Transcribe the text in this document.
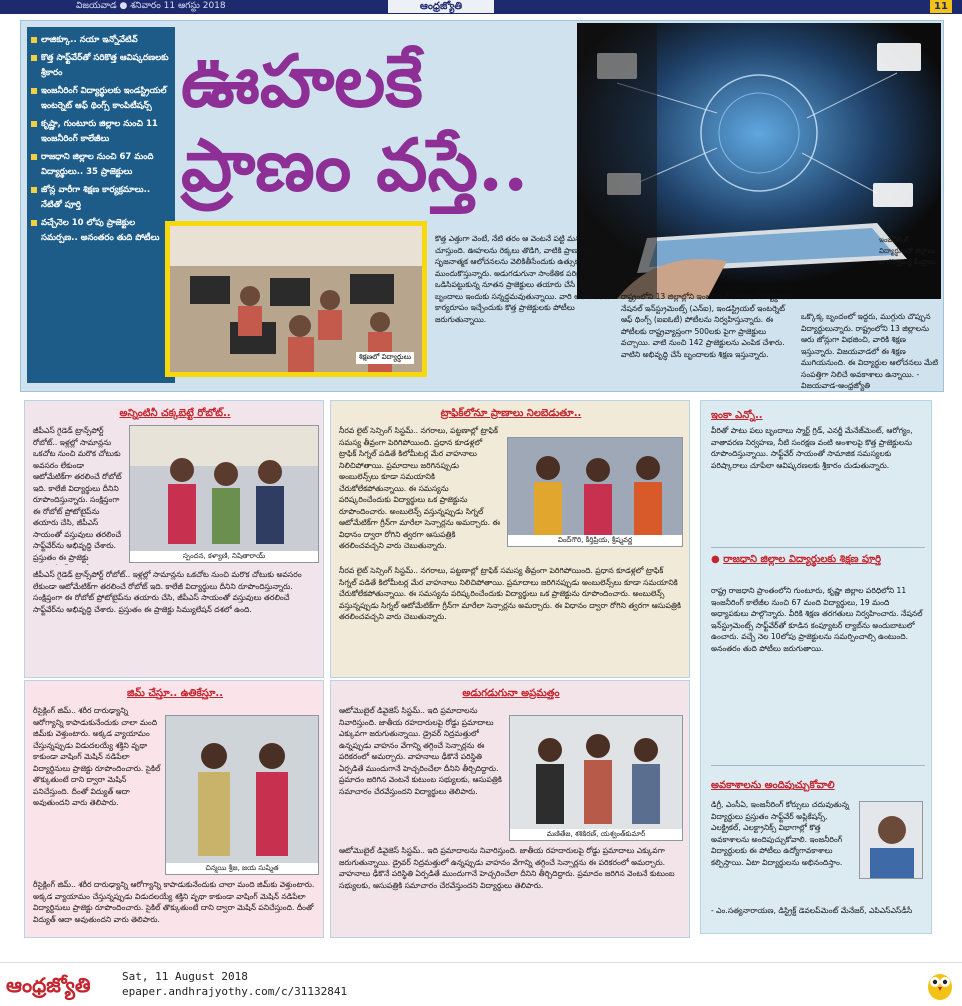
విజయవాడ ● శనివారం 11 ఆగస్టు 2018	ఆంధ్రజ్యోతి	11
లాజిక్కూ.. నయా ఇన్నోవేటివ్
కొత్త సాఫ్ట్‌వేర్‌తో సరికొత్త ఆవిష్కరణలకు శ్రీకారం
ఇంజనీరింగ్ విద్యార్థులకు ఇండస్ట్రియల్ ఇంటర్నెట్ ఆఫ్ థింగ్స్ కాంపిటీషన్స్
కృష్ణా, గుంటూరు జిల్లాల నుంచి 11 ఇంజనీరింగ్ కాలేజీలు
రాజధాని జిల్లాల నుంచి 67 మంది విద్యార్థులు.. 35 ప్రాజెక్టులు
జోన్ల వారీగా శిక్షణ కార్యక్రమాలు.. నేటితో పూర్తి
వచ్చేనెల 10 లోపు ప్రాజెక్టుల సమర్పణ.. అనంతరం తుది పోటీలు
ఊహలకే
ప్రాణం వస్తే..
ఇంజనీరింగ్ విద్యార్థులతో జిల్లాలు భాగస్వామ్య కేంద్రాలు
శిక్షణలో విద్యార్థులు
కొత్త ఎత్తుగా వెంటే, నేటి తరం ఆ వెంటనే పట్టి మనసుని తెస్తూ చూస్తుంది. ఊహలను రెక్కలు తొడిగి, వాటికి ప్రాణం పోసే సృజనాత్మక ఆలోచనలను వెలికితీసేందుకు ఉత్సుకతతో ముందుకొస్తున్నారు. అడుగడుగునా సాంకేతిక పరిజ్ఞానాన్ని ఒడిసిపట్టుకున్న నూతన ప్రాజెక్టులు తయారు చేసే విద్యార్థుల బృందాలు ఇందుకు సన్నద్ధమవుతున్నాయి. వారి ఆలోచనలకు కార్యరూపం ఇచ్చేందుకు కొత్త ప్రాజెక్టులకు పోటీలు జరుగుతున్నాయి.
రాష్ట్రంలోని 13 జిల్లాల్లోని ఇంజనీరింగ్ కాలేజీల విద్యార్థులకు నేషనల్ ఇన్‌స్ట్రుమెంట్స్ (ఎన్‌ఐ), ఇండస్ట్రియల్ ఇంటర్నెట్ ఆఫ్ థింగ్స్ (ఐఐఓటీ) పోటీలను నిర్వహిస్తున్నారు. ఈ పోటీలకు రాష్ట్రవ్యాప్తంగా 500లకు పైగా ప్రాజెక్టులు వచ్చాయి. వాటి నుంచి 142 ప్రాజెక్టులను ఎంపిక చేశారు. వాటిని అభివృద్ధి చేసే బృందాలకు శిక్షణ ఇస్తున్నారు.
ఒక్కొక్క బృందంలో ఇద్దరు, ముగ్గురు చొప్పున విద్యార్థులున్నారు. రాష్ట్రంలోని 13 జిల్లాలను ఆరు జోన్లుగా విభజించి, వారికి శిక్షణ ఇస్తున్నారు. విజయవాడలో ఈ శిక్షణ ముగియనుంది. ఈ విద్యార్థుల ఆలోచనలు మేటి సంపత్తిగా నిలిచే అవకాశాలు ఉన్నాయి. - విజయవాడ-ఆంధ్రజ్యోతి
అన్నింటినీ చక్కబెట్టే రోబోట్..
స్పందన, కళ్యాణి, నిషితారాయ్
జీపీఎస్ గైడెడ్ ట్రాన్స్‌పోర్ట్ రోబోట్.. ఇళ్లల్లో సామాన్లను ఒకచోట నుంచి మరొక చోటుకు అవసరం లేకుండా ఆటోమేటిక్‌గా తరలించే రోబోట్ ఇది. కాలేజీ విద్యార్థులు దీనిని రూపొందిస్తున్నారు. సంక్షిప్తంగా ఈ రోబోట్ ప్రోటోటైప్‌ను తయారు చేసి, జీపీఎస్ సాయంతో వస్తువులు తరలించే సాఫ్ట్‌వేర్‌ను అభివృద్ధి చేశారు. ప్రస్తుతం ఈ ప్రాజెక్టు
జీపీఎస్ గైడెడ్ ట్రాన్స్‌పోర్ట్ రోబోట్.. ఇళ్లల్లో సామాన్లను ఒకచోట నుంచి మరొక చోటుకు అవసరం లేకుండా ఆటోమేటిక్‌గా తరలించే రోబోట్ ఇది. కాలేజీ విద్యార్థులు దీనిని రూపొందిస్తున్నారు. సంక్షిప్తంగా ఈ రోబోట్ ప్రోటోటైప్‌ను తయారు చేసి, జీపీఎస్ సాయంతో వస్తువులు తరలించే సాఫ్ట్‌వేర్‌ను అభివృద్ధి చేశారు. ప్రస్తుతం ఈ ప్రాజెక్టు సిమ్యులేషన్ దశలో ఉంది.
ట్రాఫిక్‌లోనూ ప్రాణాలు నిలబెడుతూ..
వింద్‌గౌరి, కీర్తిప్రియ, శ్రీష్మవర్ణ
నీరవ లైట్ సెన్సింగ్ సిస్టమ్.. నగరాలు, పట్టణాల్లో ట్రాఫిక్ సమస్య తీవ్రంగా పెరిగిపోయింది. ప్రధాన కూడళ్లలో ట్రాఫిక్ సిగ్నల్ పడితే కిలోమీటర్ల మేర వాహనాలు నిలిచిపోతాయి. ప్రమాదాలు జరిగినప్పుడు అంబులెన్స్‌లు కూడా సమయానికి చేరుకోలేకపోతున్నాయి. ఈ సమస్యను పరిష్కరించేందుకు విద్యార్థులు ఒక ప్రాజెక్టును రూపొందించారు. అంబులెన్స్ వస్తున్నప్పుడు సిగ్నల్ ఆటోమేటిక్‌గా గ్రీన్‌గా మారేలా సెన్సార్లను అమర్చారు. ఈ విధానం ద్వారా రోగిని త్వరగా ఆసుపత్రికి తరలించవచ్చని వారు చెబుతున్నారు.
నీరవ లైట్ సెన్సింగ్ సిస్టమ్.. నగరాలు, పట్టణాల్లో ట్రాఫిక్ సమస్య తీవ్రంగా పెరిగిపోయింది. ప్రధాన కూడళ్లలో ట్రాఫిక్ సిగ్నల్ పడితే కిలోమీటర్ల మేర వాహనాలు నిలిచిపోతాయి. ప్రమాదాలు జరిగినప్పుడు అంబులెన్స్‌లు కూడా సమయానికి చేరుకోలేకపోతున్నాయి. ఈ సమస్యను పరిష్కరించేందుకు విద్యార్థులు ఒక ప్రాజెక్టును రూపొందించారు. అంబులెన్స్ వస్తున్నప్పుడు సిగ్నల్ ఆటోమేటిక్‌గా గ్రీన్‌గా మారేలా సెన్సార్లను అమర్చారు. ఈ విధానం ద్వారా రోగిని త్వరగా ఆసుపత్రికి తరలించవచ్చని వారు చెబుతున్నారు.
ఇంకా ఎన్నో..
వీరితో పాటు పలు బృందాలు స్మార్ట్ గ్రిడ్, ఎనర్జీ మేనేజ్‌మెంట్, ఆరోగ్యం, వాతావరణ నిర్వహణ, నీటి సంరక్షణ వంటి అంశాలపై కొత్త ప్రాజెక్టులను రూపొందిస్తున్నాయి. సాఫ్ట్‌వేర్ సాయంతో సామాజిక సమస్యలకు పరిష్కారాలు చూపేలా ఆవిష్కరణలకు శ్రీకారం చుడుతున్నారు.
● రాజధాని జిల్లాల విద్యార్థులకు శిక్షణ పూర్తి
రాష్ట్ర రాజధాని ప్రాంతంలోని గుంటూరు, కృష్ణా జిల్లాల పరిధిలోని 11 ఇంజనీరింగ్ కాలేజీల నుంచి 67 మంది విద్యార్థులు, 19 మంది అధ్యాపకులు పాల్గొన్నారు. వీరికి శిక్షణ తరగతులు నిర్వహించారు. నేషనల్ ఇన్‌స్ట్రుమెంట్స్ సాఫ్ట్‌వేర్‌తో కూడిన కంప్యూటర్ ల్యాబ్‌ను అందుబాటులో ఉంచారు. వచ్చే నెల 10లోపు ప్రాజెక్టులను సమర్పించాల్సి ఉంటుంది. అనంతరం తుది పోటీలు జరుగుతాయి.
అవకాశాలను అందిపుచ్చుకోవాలి
డిగ్రీ, ఎంసీఏ, ఇంజనీరింగ్ కోర్సులు చదువుతున్న విద్యార్థులు ప్రస్తుతం సాఫ్ట్‌వేర్ అప్లికేషన్స్, ఎలక్ట్రికల్, ఎలక్ట్రానిక్స్ విభాగాల్లో కొత్త అవకాశాలను అందిపుచ్చుకోవాలి. ఇంజనీరింగ్ విద్యార్థులకు ఈ పోటీలు ఉద్యోగావకాశాలు కల్పిస్తాయి. ఏటా విద్యార్థులను అభినందిస్తాం.
- ఎం.సత్యనారాయణ, డిస్ట్రిక్ట్ డెవలప్‌మెంట్ మేనేజర్, ఎపిఎస్‌ఎస్‌డీసీ
జిమ్ చేస్తూ.. ఉతికేస్తూ..
చిన్మయి శ్రీజ, జయ సుష్మిత
రీసైక్లింగ్ జిమ్.. శరీర దారుఢ్యాన్ని ఆరోగ్యాన్ని కాపాడుకునేందుకు చాలా మంది జిమ్‌కు వెళ్తుంటారు. అక్కడ వ్యాయామం చేస్తున్నప్పుడు విడుదలయ్యే శక్తిని వృథా కాకుండా వాషింగ్ మెషిన్ నడిపేలా విద్యార్థినులు ప్రాజెక్టు రూపొందించారు. సైకిల్ తొక్కుతుంటే దాని ద్వారా మెషిన్ పనిచేస్తుంది. దీంతో విద్యుత్ ఆదా అవుతుందని వారు తెలిపారు.
రీసైక్లింగ్ జిమ్.. శరీర దారుఢ్యాన్ని ఆరోగ్యాన్ని కాపాడుకునేందుకు చాలా మంది జిమ్‌కు వెళ్తుంటారు. అక్కడ వ్యాయామం చేస్తున్నప్పుడు విడుదలయ్యే శక్తిని వృథా కాకుండా వాషింగ్ మెషిన్ నడిపేలా విద్యార్థినులు ప్రాజెక్టు రూపొందించారు. సైకిల్ తొక్కుతుంటే దాని ద్వారా మెషిన్ పనిచేస్తుంది. దీంతో విద్యుత్ ఆదా అవుతుందని వారు తెలిపారు.
అడుగడుగునా అప్రమత్తం
మణితేజ, శశికిరణ్, యశ్వంత్‌కుమార్
ఆటోమొబైల్ డివైజెస్ సిస్టమ్.. ఇది ప్రమాదాలను నివారిస్తుంది. జాతీయ రహదారులపై రోడ్డు ప్రమాదాలు ఎక్కువగా జరుగుతున్నాయి. డ్రైవర్ నిద్రమత్తులో ఉన్నప్పుడు వాహనం వేగాన్ని తగ్గించే సెన్సార్లను ఈ పరికరంలో అమర్చారు. వాహనాలు ఢీకొనే పరిస్థితి ఏర్పడితే ముందుగానే హెచ్చరించేలా దీనిని తీర్చిదిద్దారు. ప్రమాదం జరిగిన వెంటనే కుటుంబ సభ్యులకు, ఆసుపత్రికి సమాచారం చేరవేస్తుందని విద్యార్థులు తెలిపారు.
ఆటోమొబైల్ డివైజెస్ సిస్టమ్.. ఇది ప్రమాదాలను నివారిస్తుంది. జాతీయ రహదారులపై రోడ్డు ప్రమాదాలు ఎక్కువగా జరుగుతున్నాయి. డ్రైవర్ నిద్రమత్తులో ఉన్నప్పుడు వాహనం వేగాన్ని తగ్గించే సెన్సార్లను ఈ పరికరంలో అమర్చారు. వాహనాలు ఢీకొనే పరిస్థితి ఏర్పడితే ముందుగానే హెచ్చరించేలా దీనిని తీర్చిదిద్దారు. ప్రమాదం జరిగిన వెంటనే కుటుంబ సభ్యులకు, ఆసుపత్రికి సమాచారం చేరవేస్తుందని విద్యార్థులు తెలిపారు.
ఆంధ్రజ్యోతి	Sat, 11 August 2018
epaper.andhrajyothy.com/c/31132841
